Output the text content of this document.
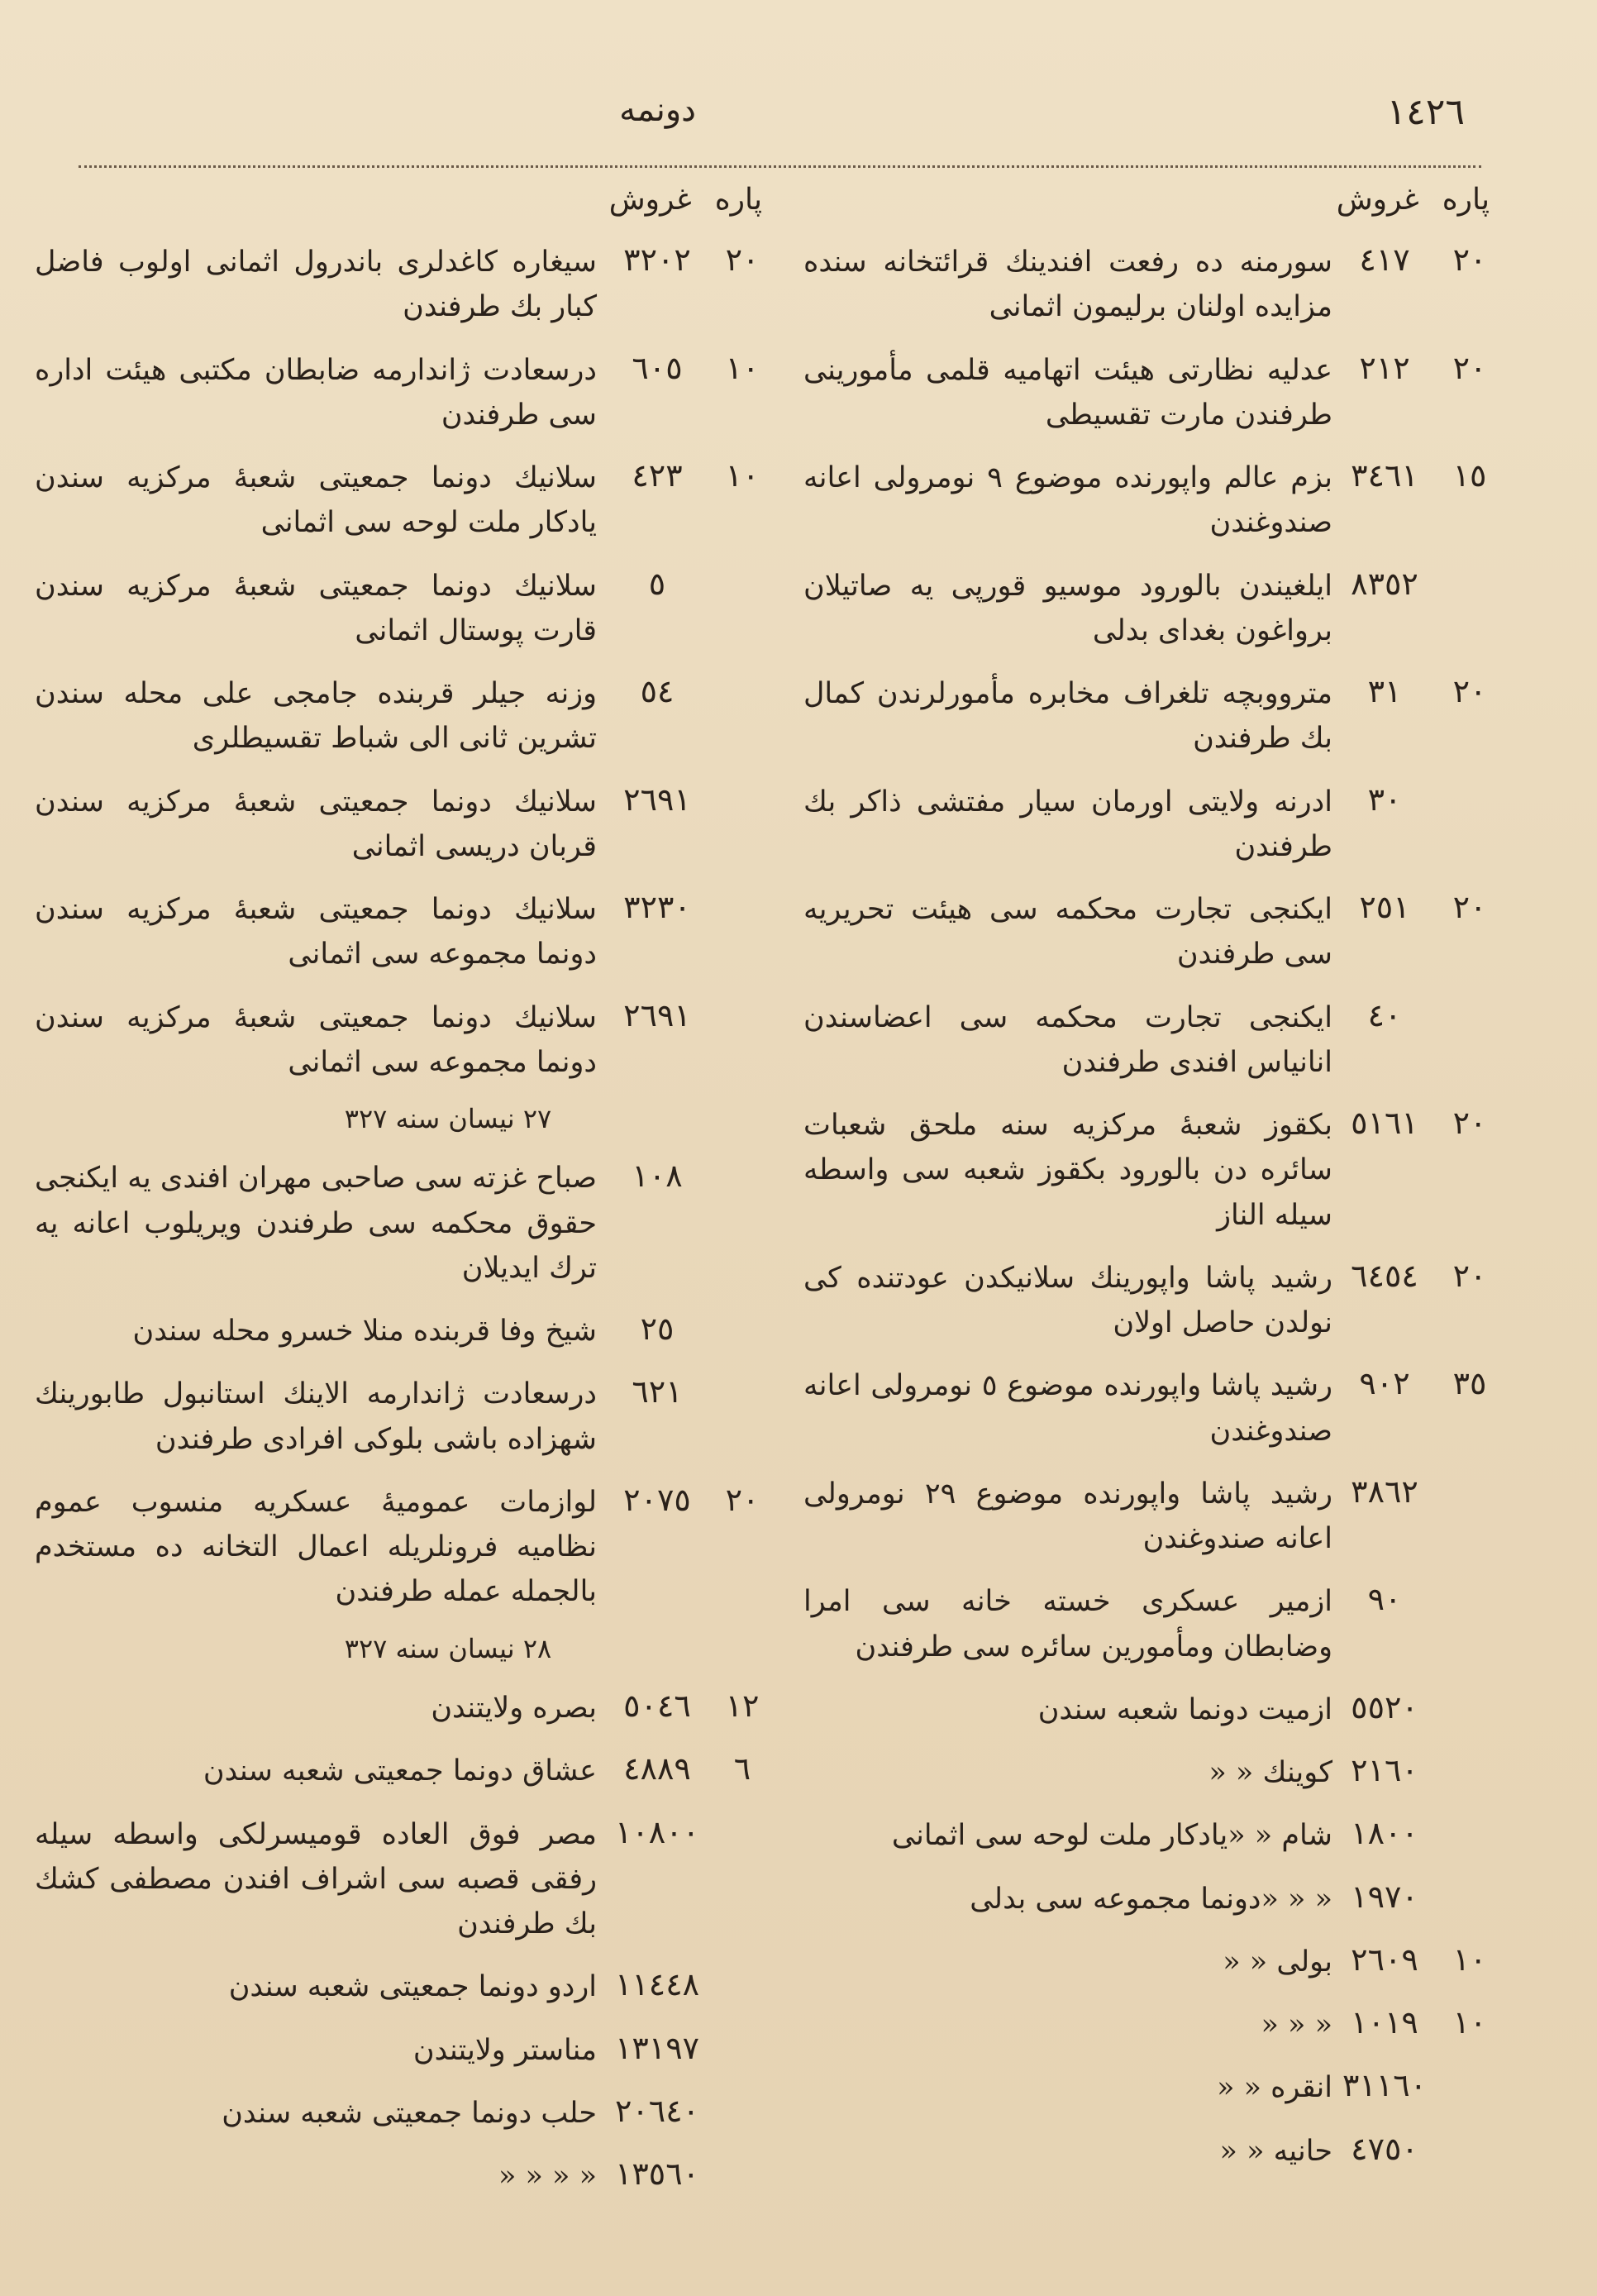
١٤٢٦
دونمه
پاره
غروش
٢٠
٤١٧
سورمنه ده رفعت افندینك قرائتخانه سنده مزایده اولنان برلیمون اثمانی
٢٠
٢١٢
عدلیه نظارتی هیئت اتهامیه قلمی مأمورینی طرفندن مارت تقسیطی
١٥
٣٤٦١
بزم عالم واپورنده موضوع ۹ نومرولی اعانه صندوغندن
٨٣٥٢
ایلغیندن بالورود موسیو قورپی یه صاتیلان برواغون بغدای بدلی
٢٠
٣١
مترووبچه تلغراف مخابره مأمورلرندن کمال بك طرفندن
٣٠
ادرنه ولایتی اورمان سیار مفتشی ذاکر بك طرفندن
٢٠
٢٥١
ایکنجی تجارت محکمه سی هیئت تحریریه سی طرفندن
٤٠
ایکنجی تجارت محکمه سی اعضاسندن انانیاس افندی طرفندن
٢٠
٥١٦١
بکقوز شعبهٔ مرکزیه سنه ملحق شعبات سائره دن بالورود بکقوز شعبه سی واسطه سیله الناز
٢٠
٦٤٥٤
رشید پاشا واپورینك سلانیکدن عودتنده کی نولدن حاصل اولان
٣٥
٩٠٢
رشید پاشا واپورنده موضوع ٥ نومرولی اعانه صندوغندن
٣٨٦٢
رشید پاشا واپورنده موضوع ٢٩ نومرولی اعانه صندوغندن
٩٠
ازمیر عسکری خسته خانه سی امرا وضابطان ومأمورین سائره سی طرفندن
٥٥٢٠
ازمیت دونما شعبه سندن
٢١٦٠
کوینك « «
١٨٠٠
شام « «یادکار ملت لوحه سی اثمانی
١٩٧٠
« « «دونما مجموعه سی بدلی
١٠
٢٦٠٩
بولی « «
١٠
١٠١٩
« « «
٣١١٦٠
انقره « «
٤٧٥٠
حانیه « «
پاره
غروش
٢٠
٣٢٠٢
سیغاره کاغدلری باندرول اثمانی اولوب فاضل کبار بك طرفندن
١٠
٦٠٥
درسعادت ژاندارمه ضابطان مکتبی هیئت اداره سی طرفندن
١٠
٤٢٣
سلانیك دونما جمعیتی شعبهٔ مرکزیه سندن یادکار ملت لوحه سی اثمانی
٥
سلانیك دونما جمعیتی شعبهٔ مرکزیه سندن قارت پوستال اثمانی
٥٤
وزنه جیلر قربنده جامجی علی محله سندن تشرین ثانی الی شباط تقسیطلری
٢٦٩١
سلانیك دونما جمعیتی شعبهٔ مرکزیه سندن قربان دریسی اثمانی
٣٢٣٠
سلانیك دونما جمعیتی شعبهٔ مرکزیه سندن دونما مجموعه سی اثمانی
٢٦٩١
سلانیك دونما جمعیتی شعبهٔ مرکزیه سندن دونما مجموعه سی اثمانی
٢٧ نیسان سنه ٣٢٧
١٠٨
صباح غزته سی صاحبی مهران افندی یه ایکنجی حقوق محکمه سی طرفندن ویریلوب اعانه یه ترك ایدیلان
٢٥
شیخ وفا قربنده منلا خسرو محله سندن
٦٢١
درسعادت ژاندارمه الاینك استانبول طابورینك شهزاده باشی بلوکی افرادی طرفندن
٢٠
٢٠٧٥
لوازمات عمومیهٔ عسکریه منسوب عموم نظامیه فرونلریله اعمال التخانه ده مستخدم بالجمله عمله طرفندن
٢٨ نیسان سنه ٣٢٧
١٢
٥٠٤٦
بصره ولایتندن
٦
٤٨٨٩
عشاق دونما جمعیتی شعبه سندن
١٠٨٠٠
مصر فوق العاده قومیسرلکی واسطه سیله رفقی قصبه سی اشراف افندن مصطفی کشك بك طرفندن
١١٤٤٨
اردو دونما جمعیتی شعبه سندن
١٣١٩٧
مناستر ولایتندن
٢٠٦٤٠
حلب دونما جمعیتی شعبه سندن
١٣٥٦٠
« « « «
